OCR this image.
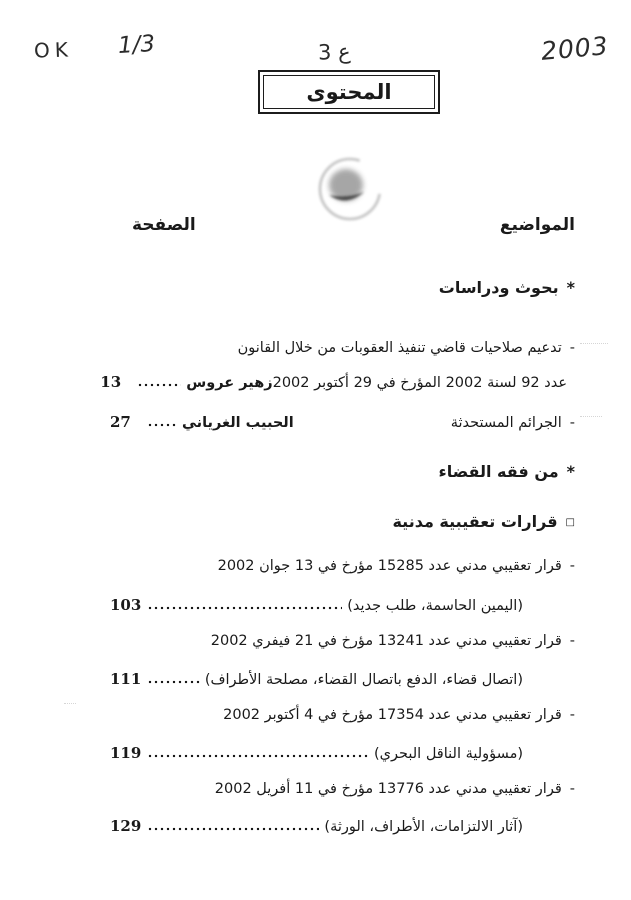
OK 1/3	ع 3	2003
المحتوى
المواضيع
الصفحة
*بحوث ودراسات
-تدعيم صلاحيات قاضي تنفيذ العقوبات من خلال القانون
عدد 92 لسنة 2002 المؤرخ في 29 أكتوبر 2002
زهير عروس
13
-
الجرائم المستحدثة
الحبيب الغرياني
27
*من فقه القضاء
□قرارات تعقيبية مدنية
-قرار تعقيبي مدني عدد 15285 مؤرخ في 13 جوان 2002
(اليمين الحاسمة، طلب جديد)
103
-قرار تعقيبي مدني عدد 13241 مؤرخ في 21 فيفري 2002
(اتصال قضاء، الدفع باتصال القضاء، مصلحة الأطراف)
111
-قرار تعقيبي مدني عدد 17354 مؤرخ في 4 أكتوبر 2002
(مسؤولية الناقل البحري)
119
-قرار تعقيبي مدني عدد 13776 مؤرخ في 11 أفريل 2002
(آثار الالتزامات، الأطراف، الورثة)
129
